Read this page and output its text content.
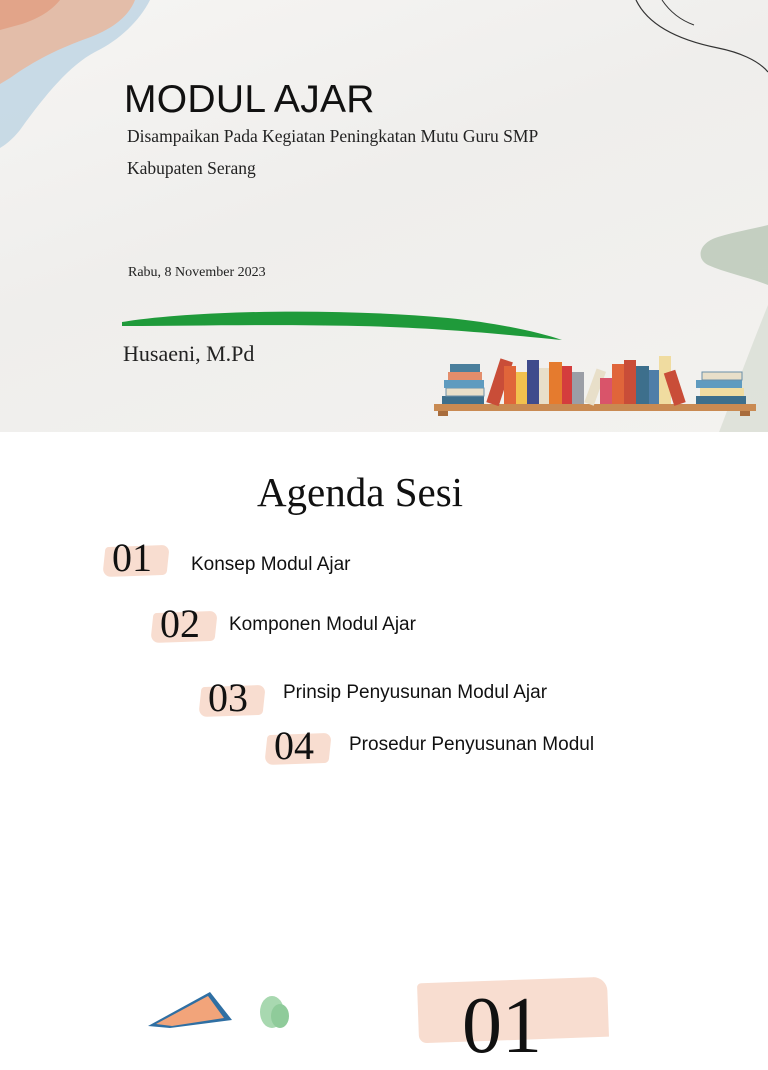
MODUL AJAR

Disampaikan Pada Kegiatan Peningkatan Mutu Guru SMP

Kabupaten Serang

Rabu, 8 November 2023
Husaeni, M.Pd
Agenda Sesi
01 Konsep Modul Ajar
02 Komponen Modul Ajar
03 Prinsip Penyusunan Modul Ajar
04 Prosedur Penyusunan Modul
01
